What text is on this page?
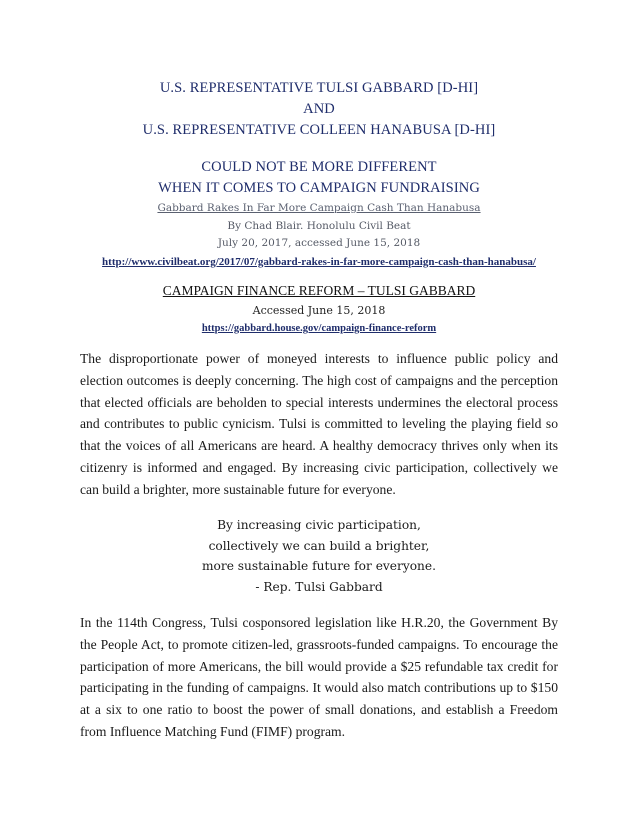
U.S. REPRESENTATIVE TULSI GABBARD [D-HI]
AND
U.S. REPRESENTATIVE COLLEEN HANABUSA [D-HI]
COULD NOT BE MORE DIFFERENT
WHEN IT COMES TO CAMPAIGN FUNDRAISING
Gabbard Rakes In Far More Campaign Cash Than Hanabusa
By Chad Blair. Honolulu Civil Beat
July 20, 2017, accessed June 15, 2018
http://www.civilbeat.org/2017/07/gabbard-rakes-in-far-more-campaign-cash-than-hanabusa/
CAMPAIGN FINANCE REFORM – TULSI GABBARD
Accessed June 15, 2018
https://gabbard.house.gov/campaign-finance-reform
The disproportionate power of moneyed interests to influence public policy and election outcomes is deeply concerning. The high cost of campaigns and the perception that elected officials are beholden to special interests undermines the electoral process and contributes to public cynicism. Tulsi is committed to leveling the playing field so that the voices of all Americans are heard. A healthy democracy thrives only when its citizenry is informed and engaged. By increasing civic participation, collectively we can build a brighter, more sustainable future for everyone.
By increasing civic participation,
collectively we can build a brighter,
more sustainable future for everyone.
- Rep. Tulsi Gabbard
In the 114th Congress, Tulsi cosponsored legislation like H.R.20, the Government By the People Act, to promote citizen-led, grassroots-funded campaigns. To encourage the participation of more Americans, the bill would provide a $25 refundable tax credit for participating in the funding of campaigns. It would also match contributions up to $150 at a six to one ratio to boost the power of small donations, and establish a Freedom from Influence Matching Fund (FIMF) program.
